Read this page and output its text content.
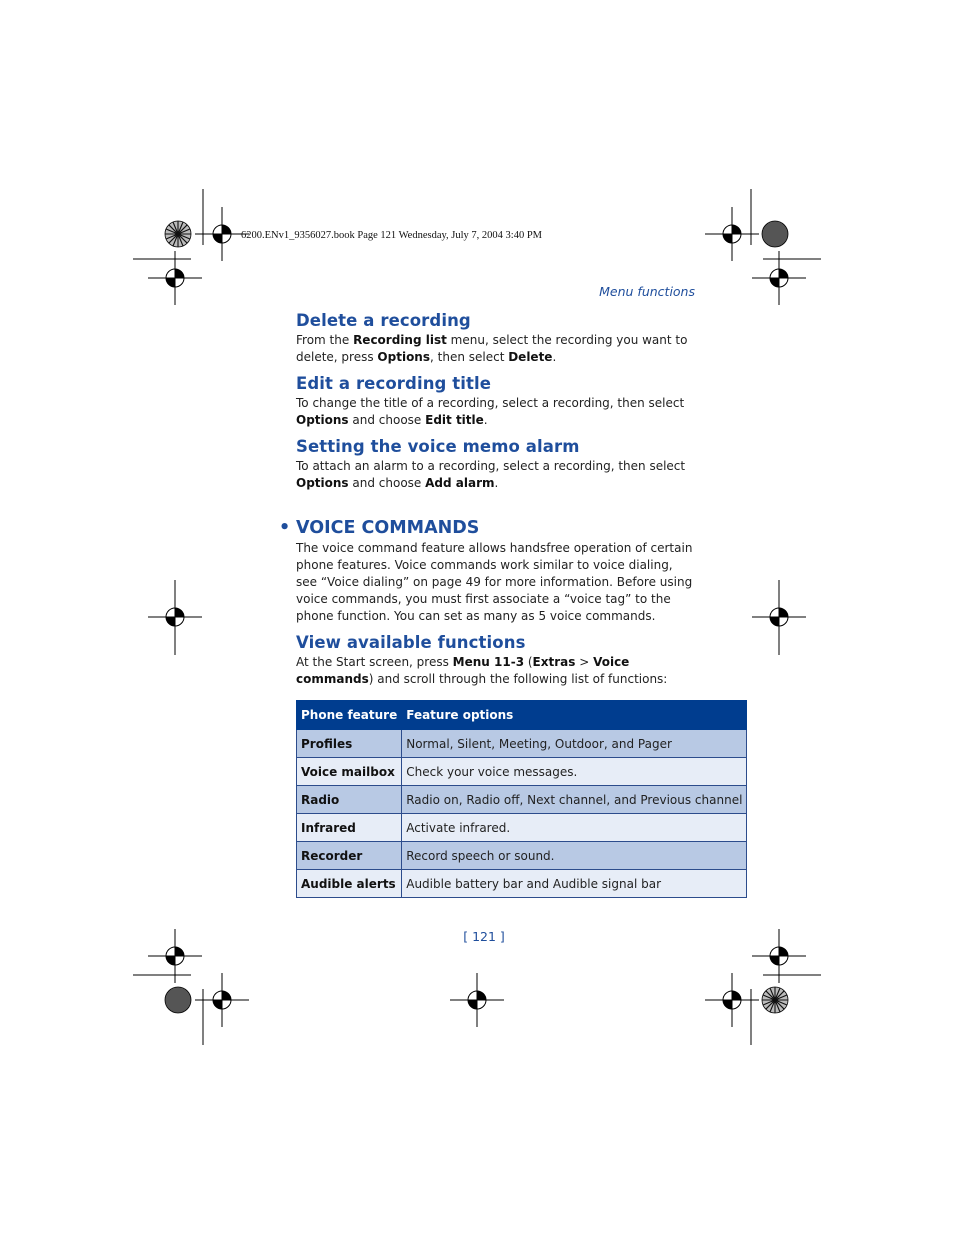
6200.ENv1_9356027.book Page 121 Wednesday, July 7, 2004 3:40 PM
Menu functions
Delete a recording

From the Recording list menu, select the recording you want to delete, press Options, then select Delete.

Edit a recording title

To change the title of a recording, select a recording, then select Options and choose Edit title.

Setting the voice memo alarm

To attach an alarm to a recording, select a recording, then select Options and choose Add alarm.

• VOICE COMMANDS

The voice command feature allows handsfree operation of certain phone features. Voice commands work similar to voice dialing, see “Voice dialing” on page 49 for more information. Before using voice commands, you must first associate a “voice tag” to the phone function. You can set as many as 5 voice commands.

View available functions

At the Start screen, press Menu 11-3 (Extras > Voice commands) and scroll through the following list of functions:

Phone feature	Feature options
Profiles	Normal, Silent, Meeting, Outdoor, and Pager
Voice mailbox	Check your voice messages.
Radio	Radio on, Radio off, Next channel, and Previous channel
Infrared	Activate infrared.
Recorder	Record speech or sound.
Audible alerts	Audible battery bar and Audible signal bar
[ 121 ]
